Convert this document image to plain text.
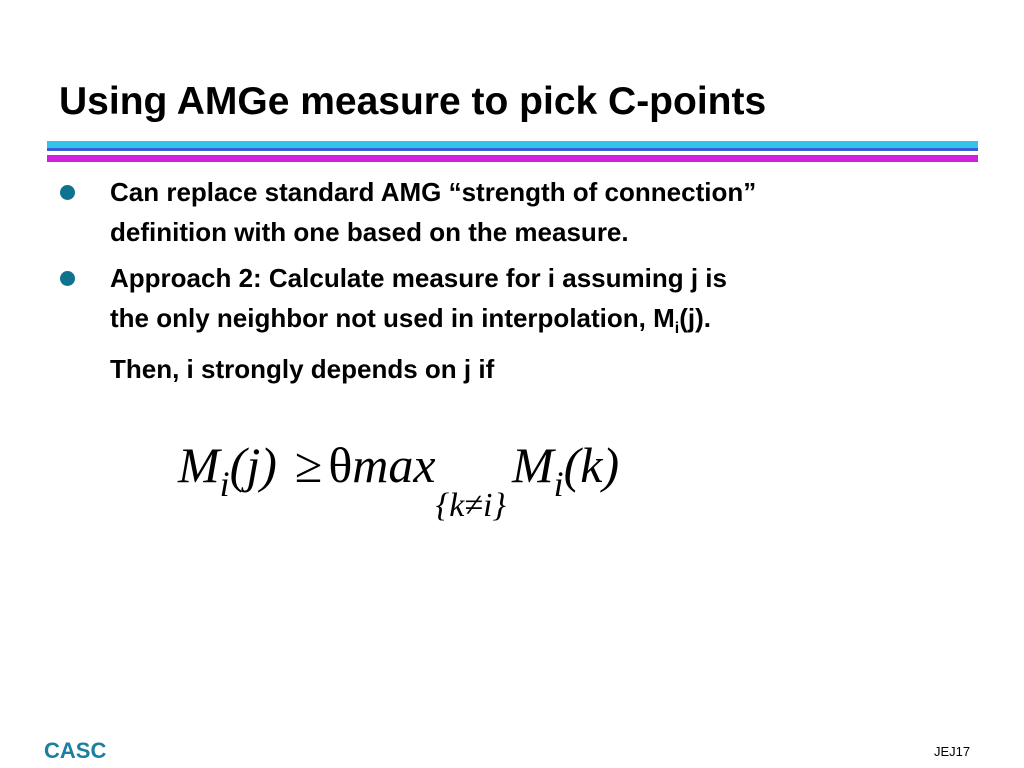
Using AMGe measure to pick C-points
Can replace standard AMG “strength of connection”
definition with one based on the measure.
Approach 2: Calculate measure for i assuming j is
the only neighbor not used in interpolation, $M_i(j)$.
Then, i strongly depends on j if
$M_i(j) \ge \theta\max_{\{k\ne i\}}M_i(k)$
CASC	JEJ17
